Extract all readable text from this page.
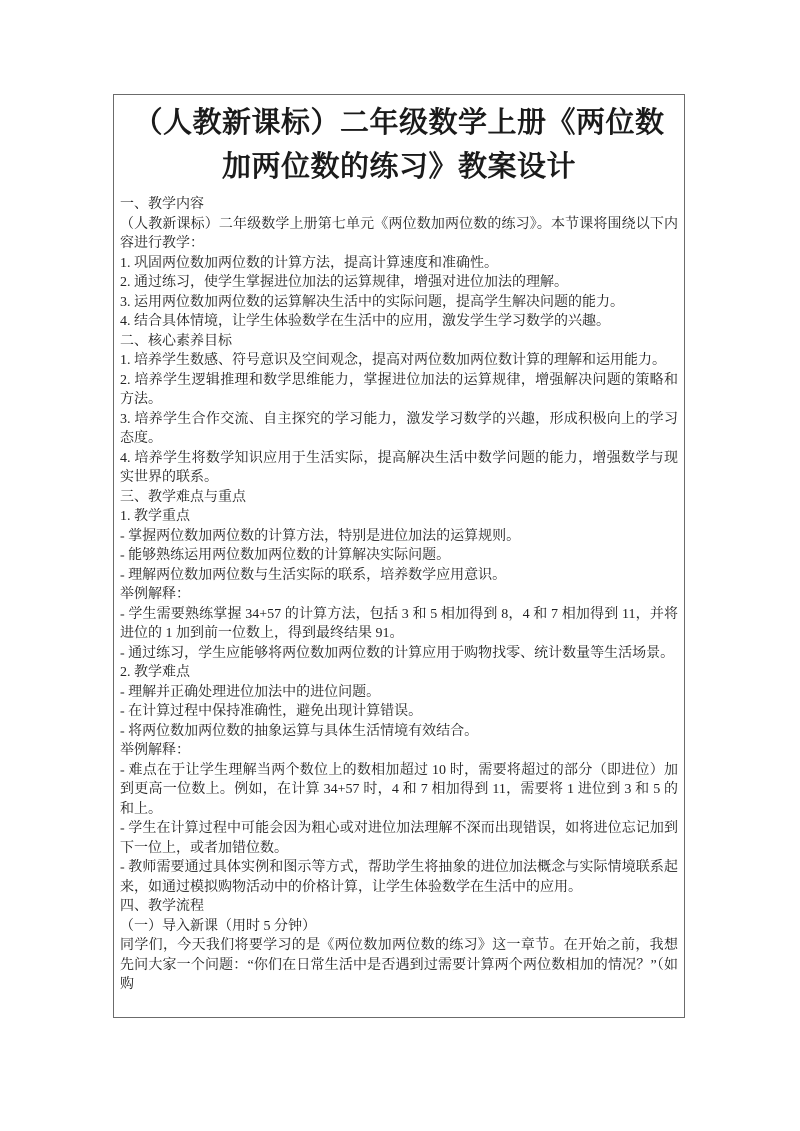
（人教新课标）二年级数学上册《两位数加两位数的练习》教案设计

一、教学内容

（人教新课标）二年级数学上册第七单元《两位数加两位数的练习》。本节课将围绕以下内容进行教学：

1. 巩固两位数加两位数的计算方法，提高计算速度和准确性。

2. 通过练习，使学生掌握进位加法的运算规律，增强对进位加法的理解。

3. 运用两位数加两位数的运算解决生活中的实际问题，提高学生解决问题的能力。

4. 结合具体情境，让学生体验数学在生活中的应用，激发学生学习数学的兴趣。

二、核心素养目标

1. 培养学生数感、符号意识及空间观念，提高对两位数加两位数计算的理解和运用能力。

2. 培养学生逻辑推理和数学思维能力，掌握进位加法的运算规律，增强解决问题的策略和方法。

3. 培养学生合作交流、自主探究的学习能力，激发学习数学的兴趣，形成积极向上的学习态度。

4. 培养学生将数学知识应用于生活实际，提高解决生活中数学问题的能力，增强数学与现实世界的联系。

三、教学难点与重点

1. 教学重点

- 掌握两位数加两位数的计算方法，特别是进位加法的运算规则。

- 能够熟练运用两位数加两位数的计算解决实际问题。

- 理解两位数加两位数与生活实际的联系，培养数学应用意识。

举例解释：

- 学生需要熟练掌握 34+57 的计算方法，包括 3 和 5 相加得到 8，4 和 7 相加得到 11，并将进位的 1 加到前一位数上，得到最终结果 91。

- 通过练习，学生应能够将两位数加两位数的计算应用于购物找零、统计数量等生活场景。

2. 教学难点

- 理解并正确处理进位加法中的进位问题。

- 在计算过程中保持准确性，避免出现计算错误。

- 将两位数加两位数的抽象运算与具体生活情境有效结合。

举例解释：

- 难点在于让学生理解当两个数位上的数相加超过 10 时，需要将超过的部分（即进位）加到更高一位数上。例如，在计算 34+57 时，4 和 7 相加得到 11，需要将 1 进位到 3 和 5 的和上。

- 学生在计算过程中可能会因为粗心或对进位加法理解不深而出现错误，如将进位忘记加到下一位上，或者加错位数。

- 教师需要通过具体实例和图示等方式，帮助学生将抽象的进位加法概念与实际情境联系起来，如通过模拟购物活动中的价格计算，让学生体验数学在生活中的应用。

四、教学流程

（一）导入新课（用时 5 分钟）

同学们，今天我们将要学习的是《两位数加两位数的练习》这一章节。在开始之前，我想先问大家一个问题：“你们在日常生活中是否遇到过需要计算两个两位数相加的情况？”（如购
